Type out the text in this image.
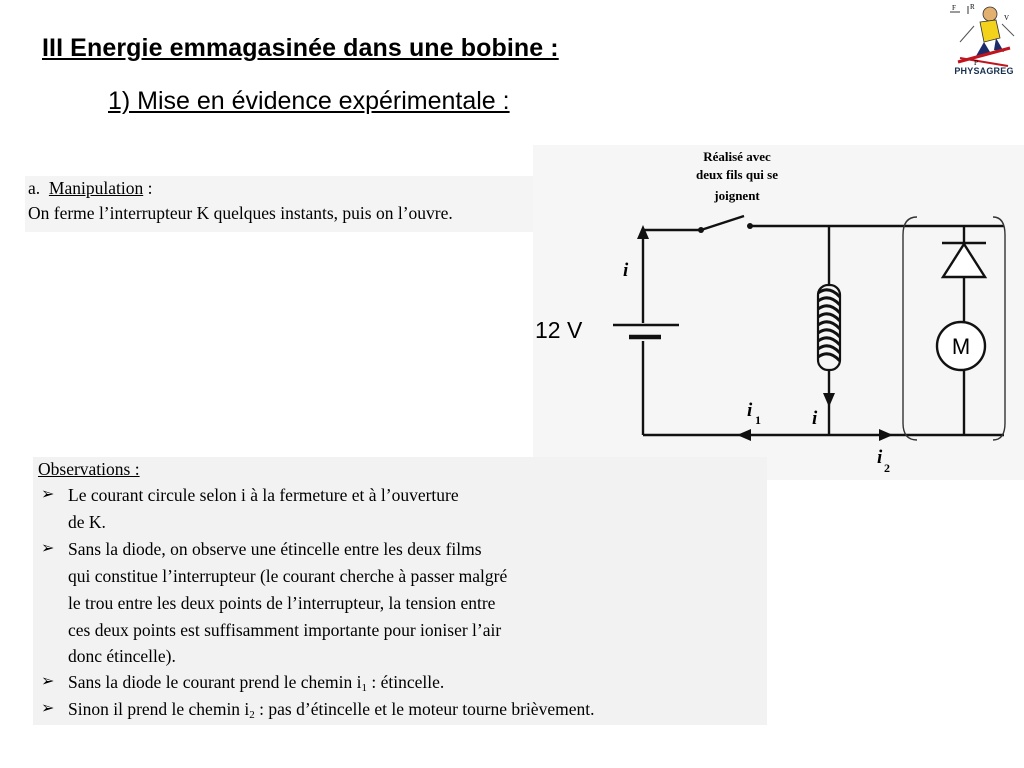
III Energie emmagasinée dans une bobine :
1) Mise en évidence expérimentale :
F R
V
P
PHYSAGREG
a. Manipulation :
On ferme l’interrupteur K quelques instants, puis on l’ouvre.
M
Réalisé avec
deux fils qui se
joignent
i
i
i 1
i 2
12 V
Observations :
➢ Le courant circule selon i à la fermeture et à l’ouverture
de K.
➢ Sans la diode, on observe une étincelle entre les deux films
qui constitue l’interrupteur (le courant cherche à passer malgré
le trou entre les deux points de l’interrupteur, la tension entre
ces deux points est suffisamment importante pour ioniser l’air
donc étincelle).
➢ Sans la diode le courant prend le chemin $i_1$ : étincelle.
➢ Sinon il prend le chemin $i_2$ : pas d’étincelle et le moteur tourne brièvement.
